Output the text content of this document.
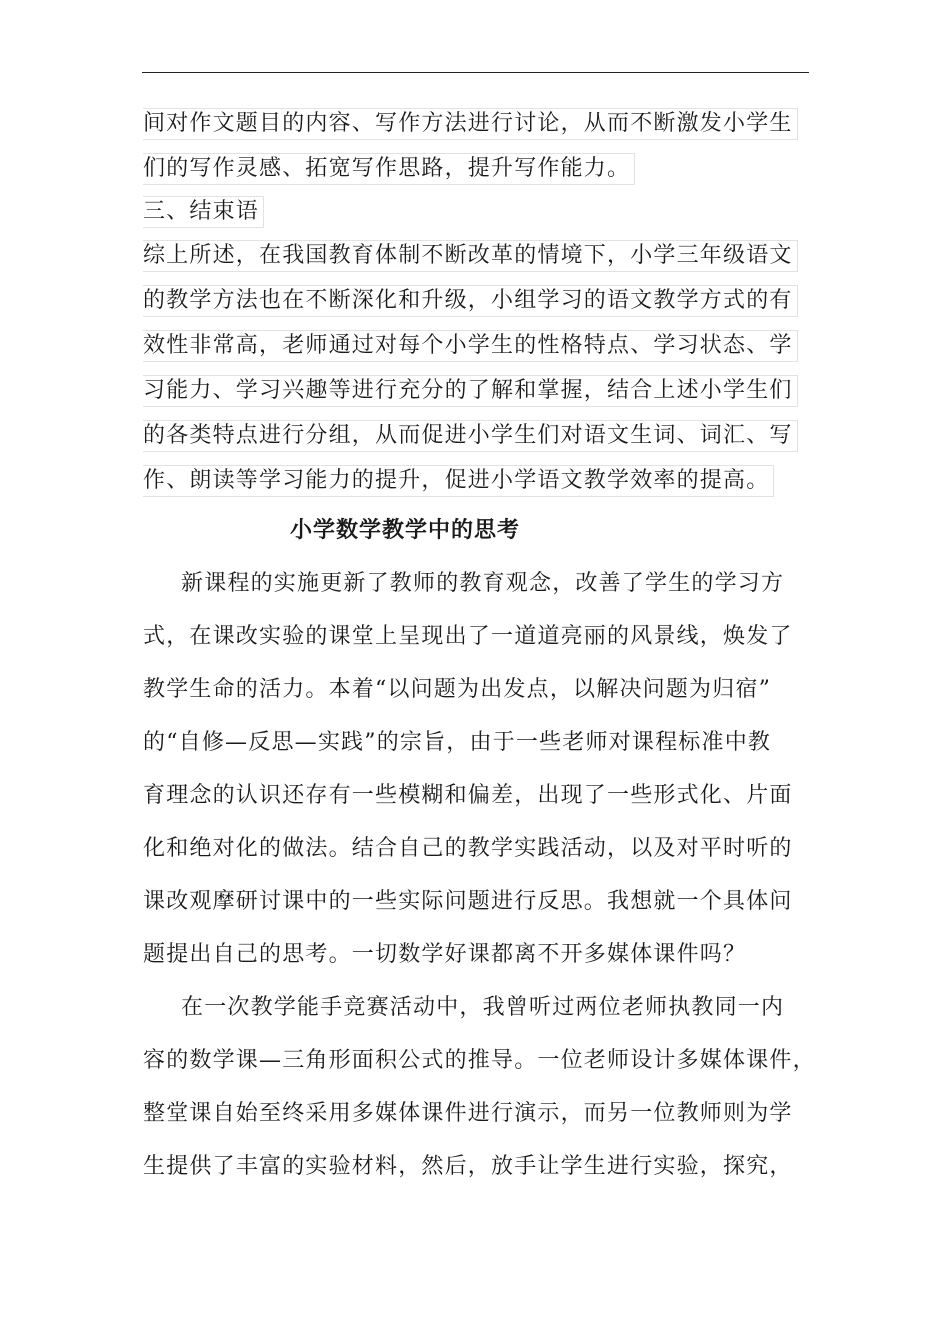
间对作文题目的内容、写作方法进行讨论，从而不断激发小学生
们的写作灵感、拓宽写作思路，提升写作能力。
三、结束语
综上所述，在我国教育体制不断改革的情境下，小学三年级语文
的教学方法也在不断深化和升级，小组学习的语文教学方式的有
效性非常高，老师通过对每个小学生的性格特点、学习状态、学
习能力、学习兴趣等进行充分的了解和掌握，结合上述小学生们
的各类特点进行分组，从而促进小学生们对语文生词、词汇、写
作、朗读等学习能力的提升，促进小学语文教学效率的提高。
小学数学教学中的思考
新课程的实施更新了教师的教育观念，改善了学生的学习方
式，在课改实验的课堂上呈现出了一道道亮丽的风景线，焕发了
教学生命的活力。本着“以问题为出发点，以解决问题为归宿”
的“自修—反思—实践”的宗旨，由于一些老师对课程标准中教
育理念的认识还存有一些模糊和偏差，出现了一些形式化、片面
化和绝对化的做法。结合自己的教学实践活动，以及对平时听的
课改观摩研讨课中的一些实际问题进行反思。我想就一个具体问
题提出自己的思考。一切数学好课都离不开多媒体课件吗？
在一次教学能手竞赛活动中，我曾听过两位老师执教同一内
容的数学课—三角形面积公式的推导。一位老师设计多媒体课件，
整堂课自始至终采用多媒体课件进行演示，而另一位教师则为学
生提供了丰富的实验材料，然后，放手让学生进行实验，探究，
